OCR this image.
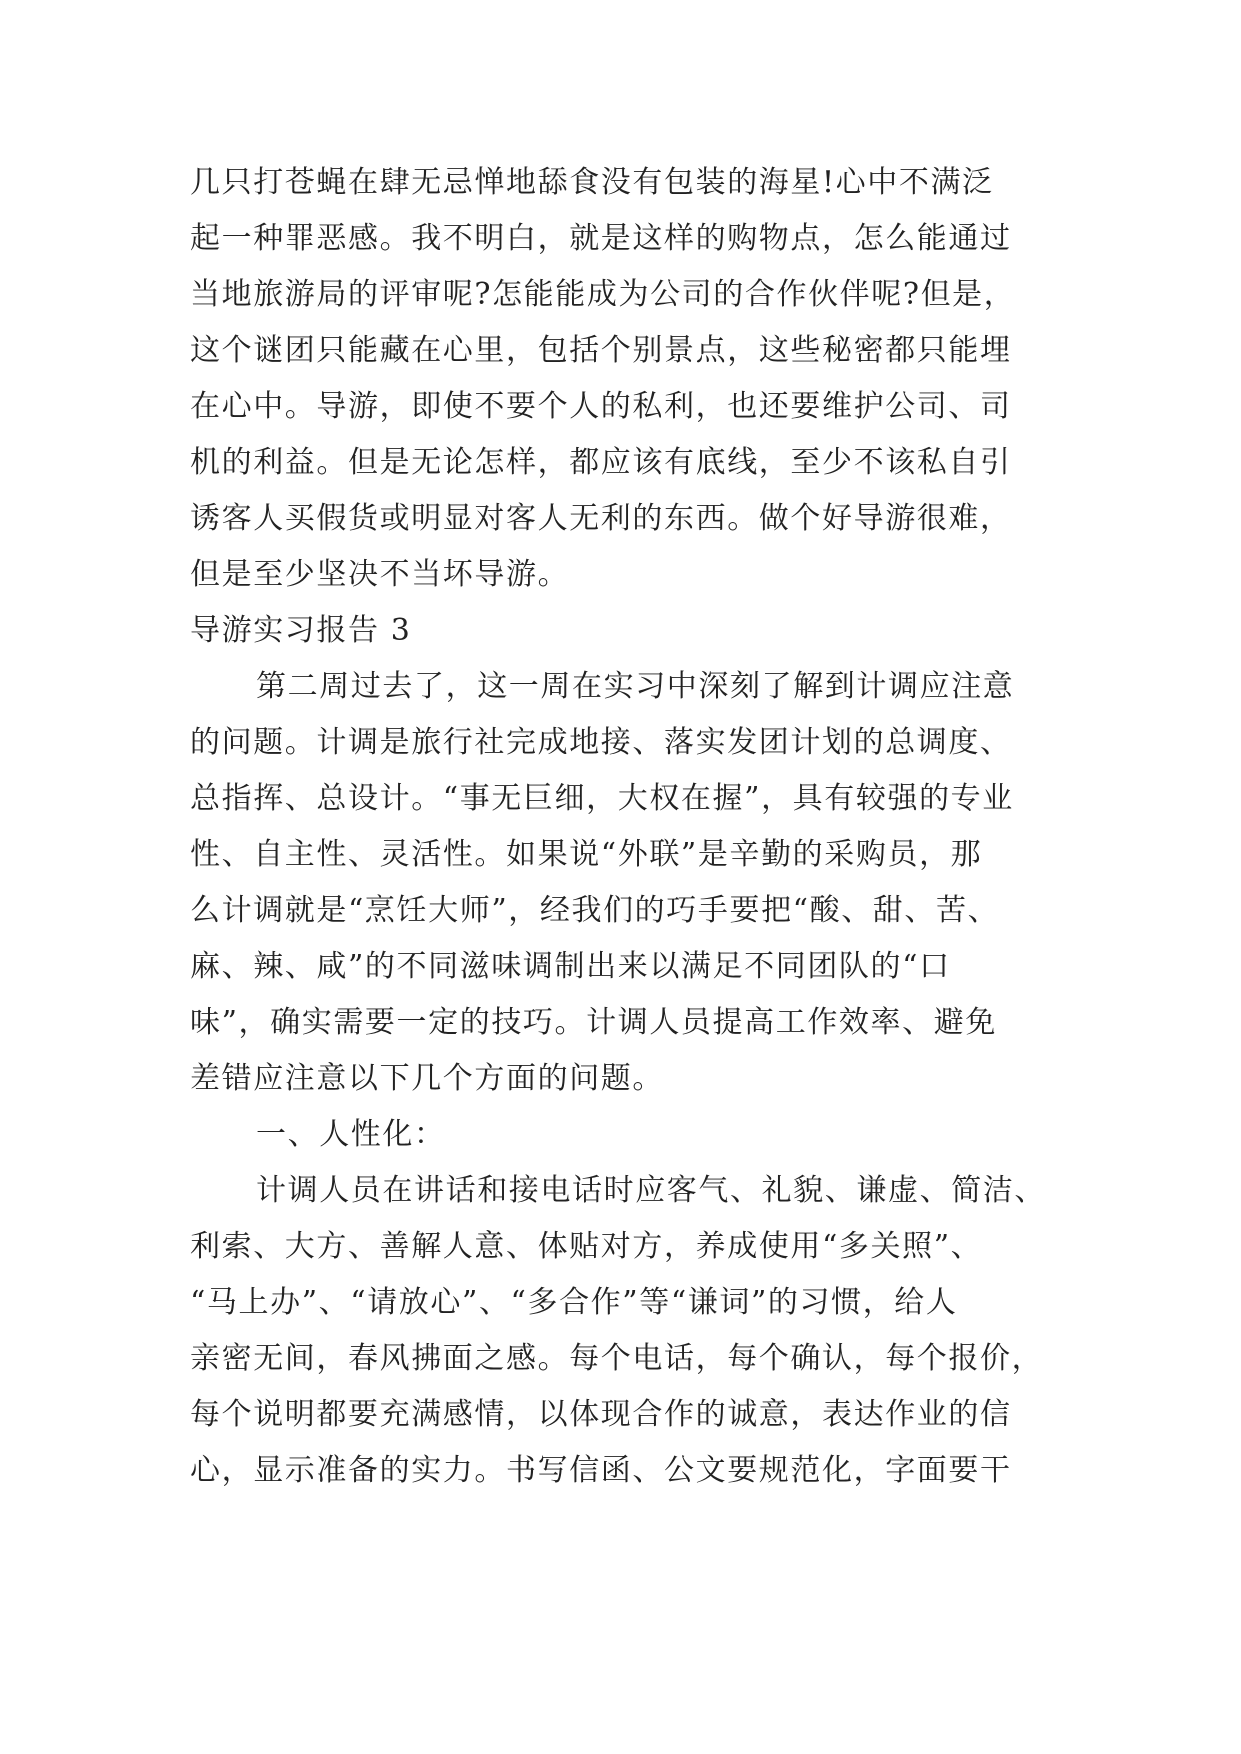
几只打苍蝇在肆无忌惮地舔食没有包装的海星!心中不满泛
起一种罪恶感。我不明白，就是这样的购物点，怎么能通过
当地旅游局的评审呢?怎能能成为公司的合作伙伴呢?但是，
这个谜团只能藏在心里，包括个别景点，这些秘密都只能埋
在心中。导游，即使不要个人的私利，也还要维护公司、司
机的利益。但是无论怎样，都应该有底线，至少不该私自引
诱客人买假货或明显对客人无利的东西。做个好导游很难，
但是至少坚决不当坏导游。
导游实习报告 3
第二周过去了，这一周在实习中深刻了解到计调应注意
的问题。计调是旅行社完成地接、落实发团计划的总调度、
总指挥、总设计。“事无巨细，大权在握”，具有较强的专业
性、自主性、灵活性。如果说“外联”是辛勤的采购员，那
么计调就是“烹饪大师”，经我们的巧手要把“酸、甜、苦、
麻、辣、咸”的不同滋味调制出来以满足不同团队的“口
味”，确实需要一定的技巧。计调人员提高工作效率、避免
差错应注意以下几个方面的问题。
一、人性化：
计调人员在讲话和接电话时应客气、礼貌、谦虚、简洁、
利索、大方、善解人意、体贴对方，养成使用“多关照”、
“马上办”、“请放心”、“多合作”等“谦词”的习惯，给人
亲密无间，春风拂面之感。每个电话，每个确认，每个报价，
每个说明都要充满感情，以体现合作的诚意，表达作业的信
心，显示准备的实力。书写信函、公文要规范化，字面要干
